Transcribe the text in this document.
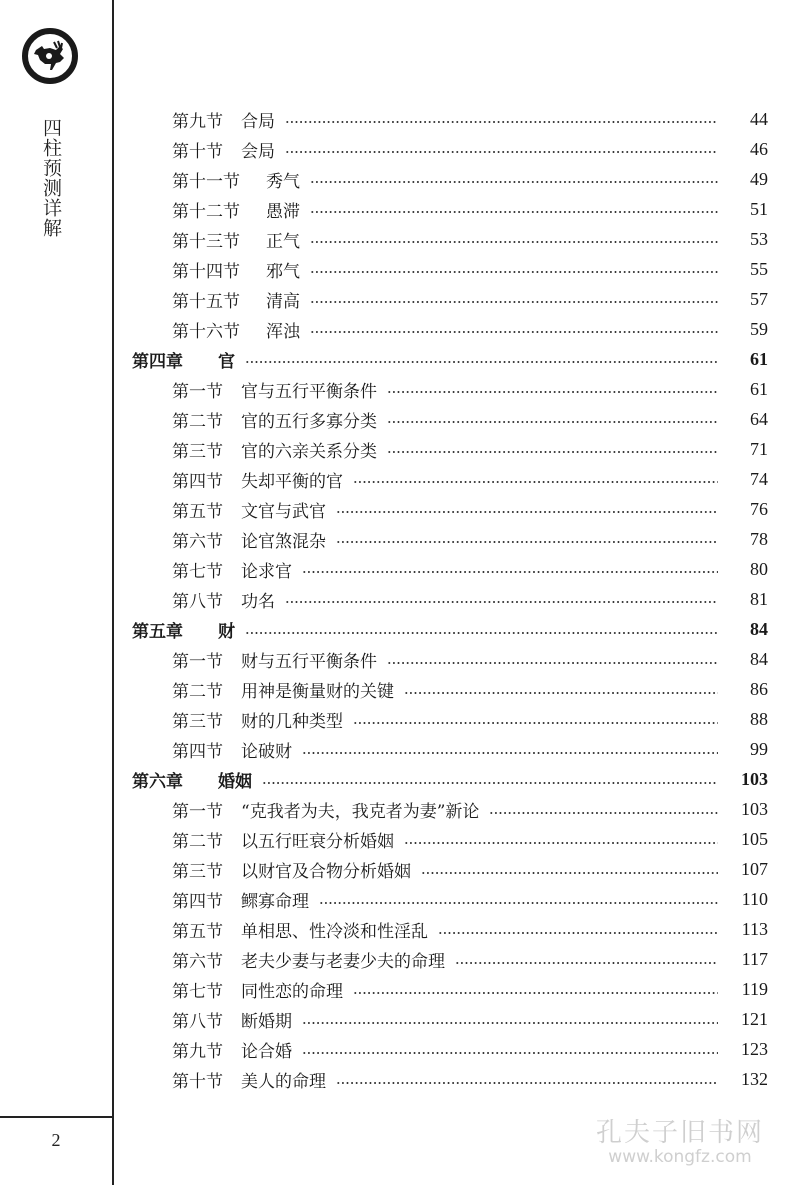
四柱预测详解
2
第九节 合局	44
第十节 会局	46
第十一节 秀气	49
第十二节 愚滞	51
第十三节 正气	53
第十四节 邪气	55
第十五节 清高	57
第十六节 浑浊	59
第四章	官	61
第一节 官与五行平衡条件	61
第二节 官的五行多寡分类	64
第三节 官的六亲关系分类	71
第四节 失却平衡的官	74
第五节 文官与武官	76
第六节 论官煞混杂	78
第七节 论求官	80
第八节 功名	81
第五章	财	84
第一节 财与五行平衡条件	84
第二节 用神是衡量财的关键	86
第三节 财的几种类型	88
第四节 论破财	99
第六章	婚姻	103
第一节 “克我者为夫，我克者为妻”新论	103
第二节 以五行旺衰分析婚姻	105
第三节 以财官及合物分析婚姻	107
第四节 鳏寡命理	110
第五节 单相思、性冷淡和性淫乱	113
第六节 老夫少妻与老妻少夫的命理	117
第七节 同性恋的命理	119
第八节 断婚期	121
第九节 论合婚	123
第十节 美人的命理	132
孔夫子旧书网
www.kongfz.com
